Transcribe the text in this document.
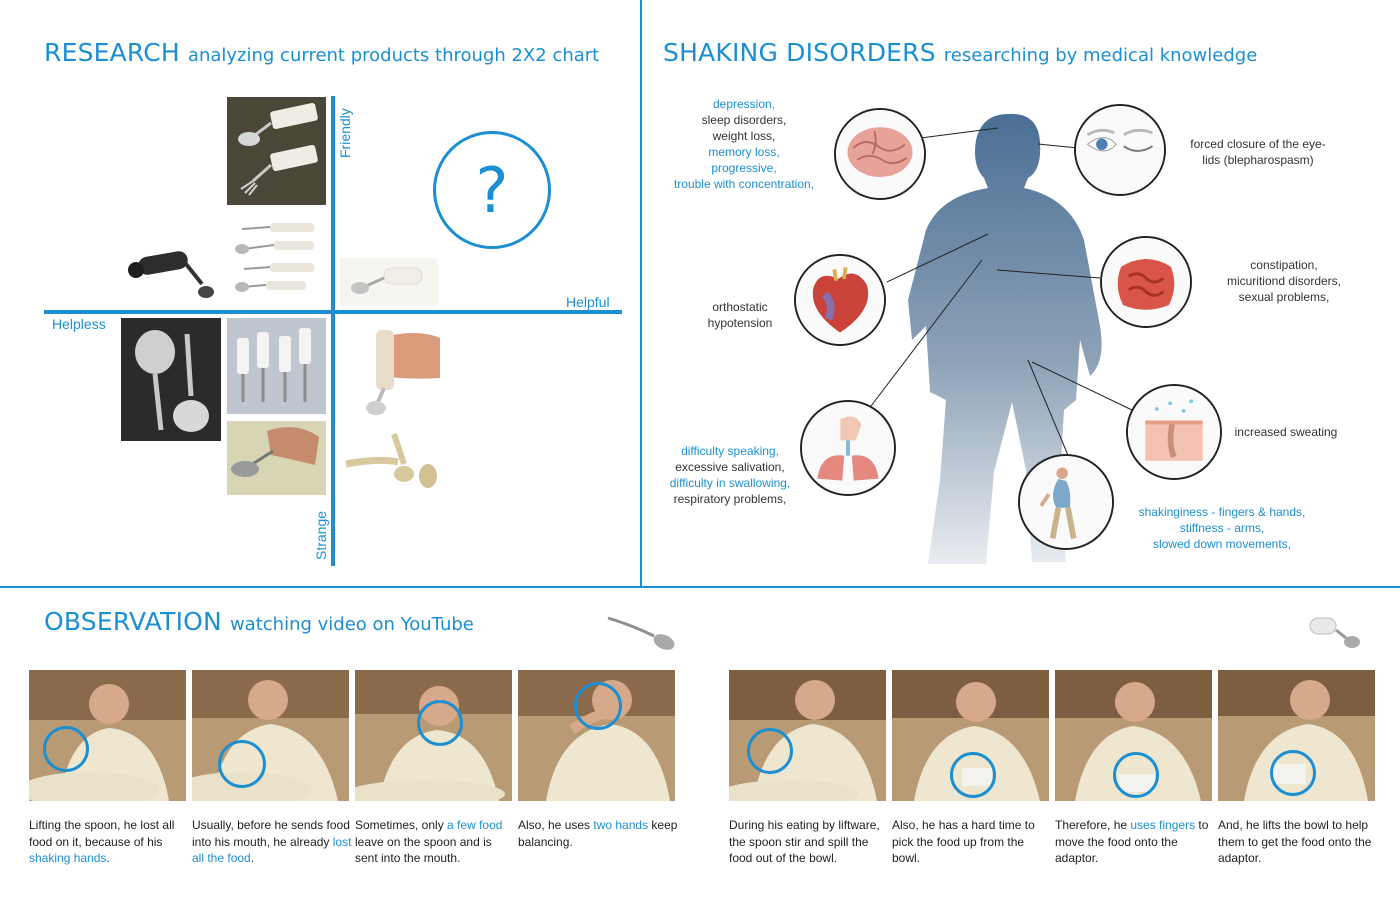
RESEARCH analyzing current products through 2X2 chart
Friendly
Strange
Helpless
Helpful
?
SHAKING DISORDERS researching by medical knowledge
depression,
sleep disorders,
weight loss,
memory loss,
progressive,
trouble with concentration,
forced closure of the eye-
lids (blepharospasm)
orthostatic
hypotension
constipation,
micuritiond disorders,
sexual problems,
increased sweating
difficulty speaking,
excessive salivation,
difficulty in swallowing,
respiratory problems,
shakinginess - fingers & hands,
stiffness - arms,
slowed down movements,
OBSERVATION watching video on YouTube
Lifting the spoon, he lost all food on it, because of his shaking hands.
Usually, before he sends food into his mouth, he already lost all the food.
Sometimes, only a few food leave on the spoon and is sent into the mouth.
Also, he uses two hands keep balancing.
During his eating by liftware, the spoon stir and spill the food out of the bowl.
Also, he has a hard time to pick the food up from the bowl.
Therefore, he uses fingers to move the food onto the adaptor.
And, he lifts the bowl to help them to get the food onto the adaptor.
